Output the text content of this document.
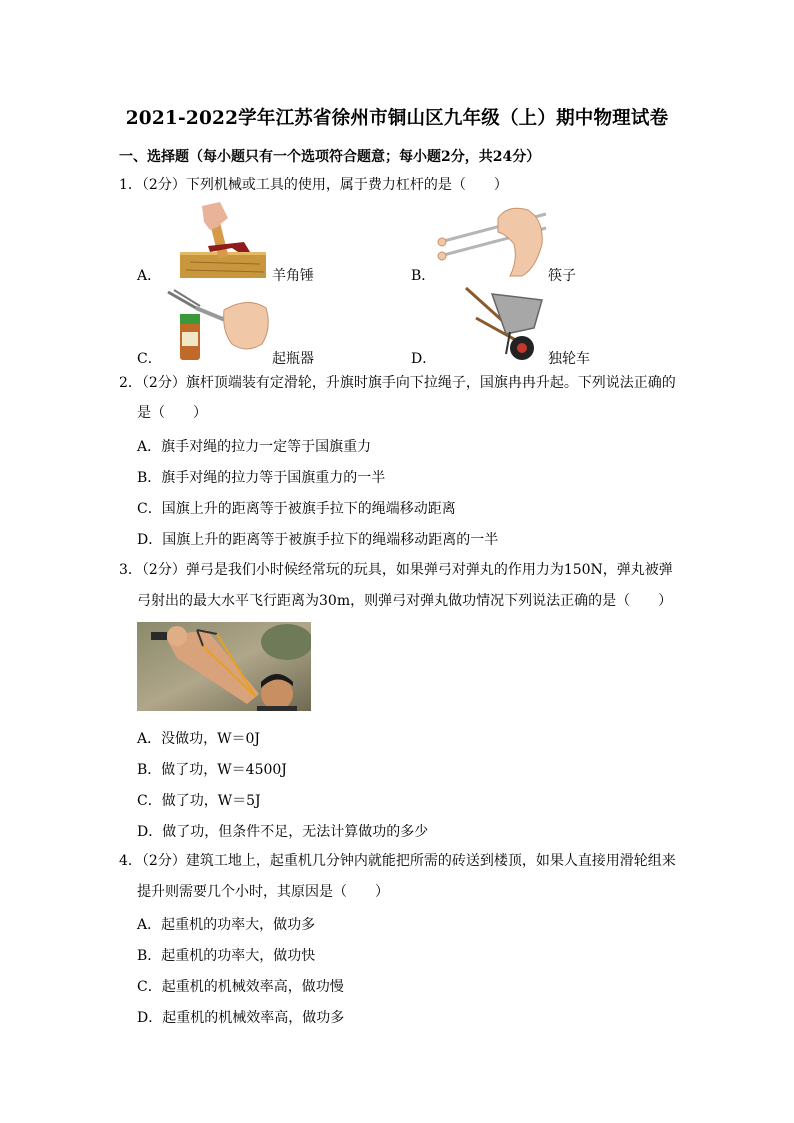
2021-2022学年江苏省徐州市铜山区九年级（上）期中物理试卷
一、选择题（每小题只有一个选项符合题意；每小题2分，共24分）
1．（2分）下列机械或工具的使用，属于费力杠杆的是（　　）
A．	羊角锤	B．	筷子
C．	起瓶器	D．	独轮车
2．（2分）旗杆顶端装有定滑轮，升旗时旗手向下拉绳子，国旗冉冉升起。下列说法正确的
是（　　）
A．旗手对绳的拉力一定等于国旗重力
B．旗手对绳的拉力等于国旗重力的一半
C．国旗上升的距离等于被旗手拉下的绳端移动距离
D．国旗上升的距离等于被旗手拉下的绳端移动距离的一半
3．（2分）弹弓是我们小时候经常玩的玩具，如果弹弓对弹丸的作用力为150N，弹丸被弹
弓射出的最大水平飞行距离为30m，则弹弓对弹丸做功情况下列说法正确的是（　　）
A．没做功，W＝0J
B．做了功，W＝4500J
C．做了功，W＝5J
D．做了功，但条件不足，无法计算做功的多少
4．（2分）建筑工地上，起重机几分钟内就能把所需的砖送到楼顶，如果人直接用滑轮组来
提升则需要几个小时，其原因是（　　）
A．起重机的功率大，做功多
B．起重机的功率大，做功快
C．起重机的机械效率高，做功慢
D．起重机的机械效率高，做功多
